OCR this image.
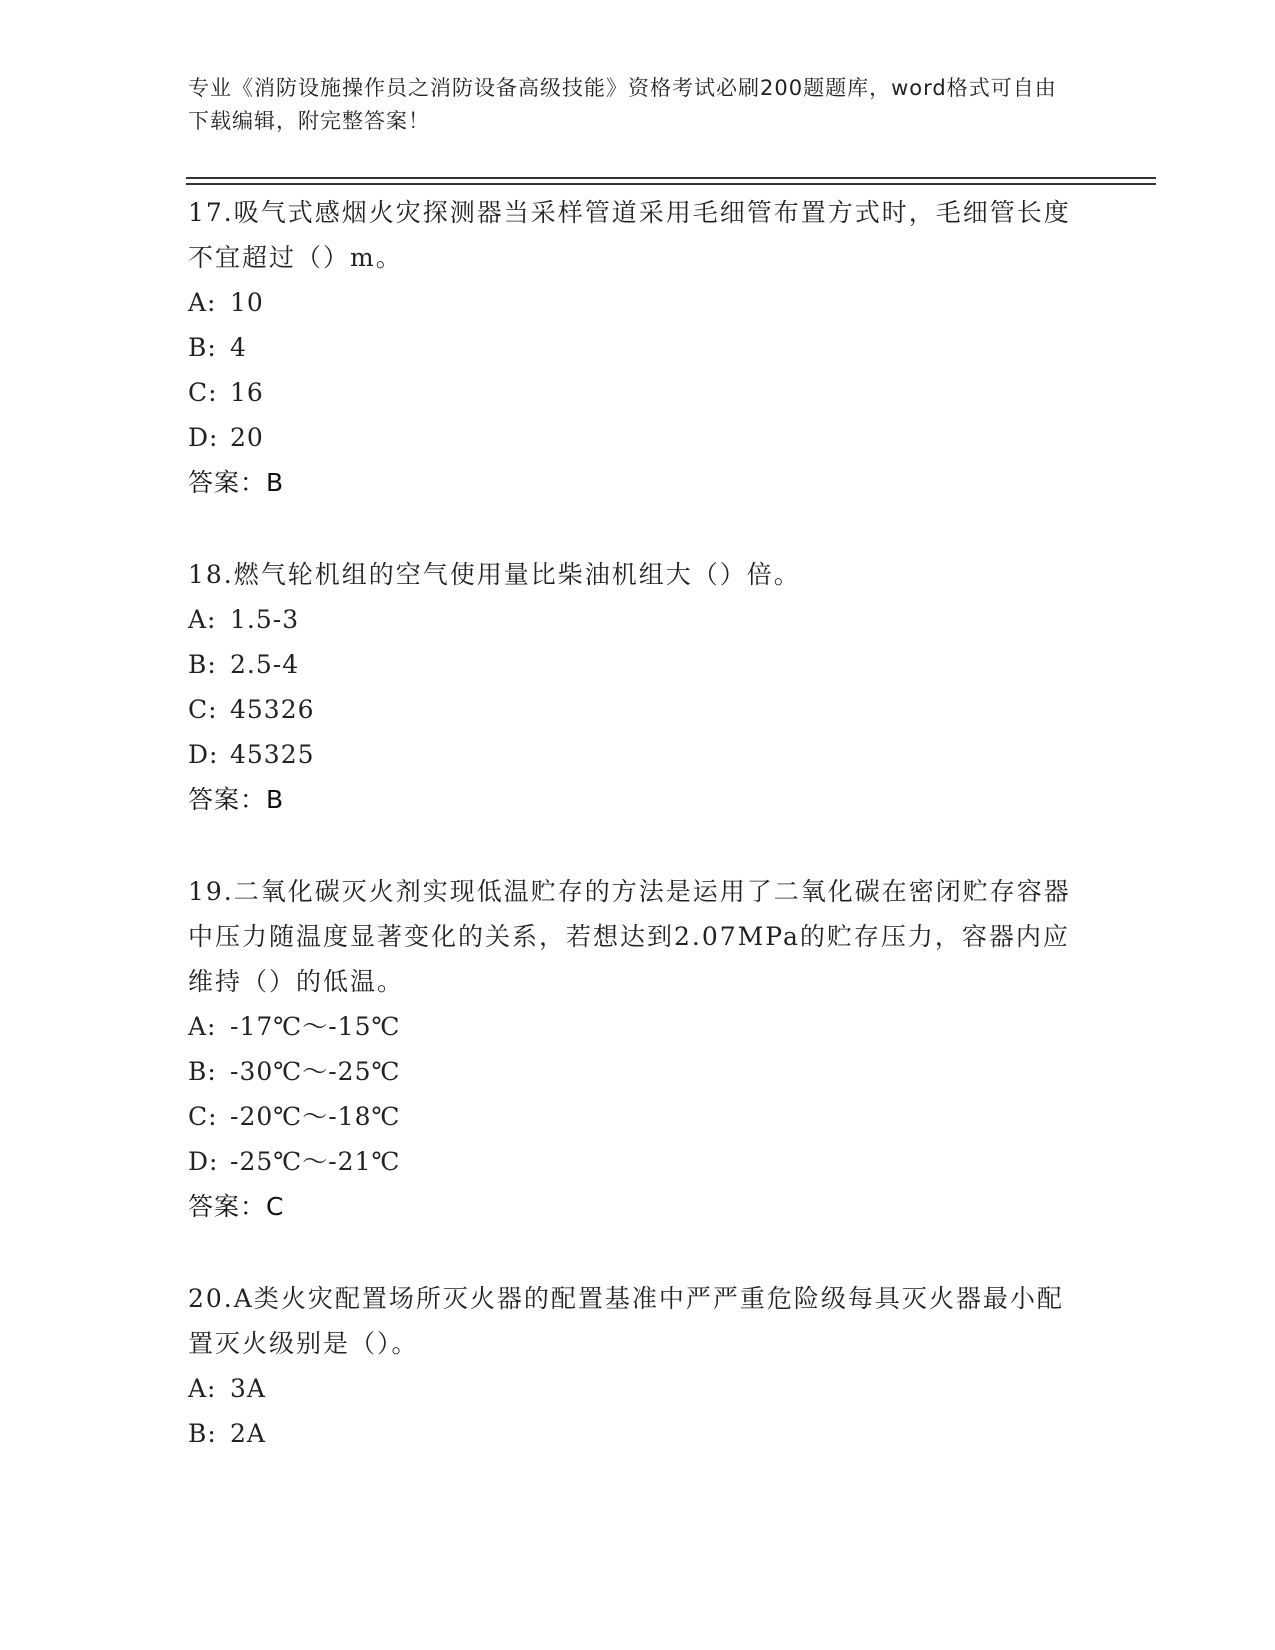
专业《消防设施操作员之消防设备高级技能》资格考试必刷200题题库，word格式可自由下载编辑，附完整答案！
17.吸气式感烟火灾探测器当采样管道采用毛细管布置方式时，毛细管长度不宜超过（）m。
A: 10
B: 4
C: 16
D: 20
答案：B
18.燃气轮机组的空气使用量比柴油机组大（）倍。
A: 1.5-3
B: 2.5-4
C: 45326
D: 45325
答案：B
19.二氧化碳灭火剂实现低温贮存的方法是运用了二氧化碳在密闭贮存容器中压力随温度显著变化的关系，若想达到2.07MPa的贮存压力，容器内应维持（）的低温。
A: -17℃～-15℃
B: -30℃～-25℃
C: -20℃～-18℃
D: -25℃～-21℃
答案：C
20.A类火灾配置场所灭火器的配置基准中严严重危险级每具灭火器最小配置灭火级别是（）。
A: 3A
B: 2A
